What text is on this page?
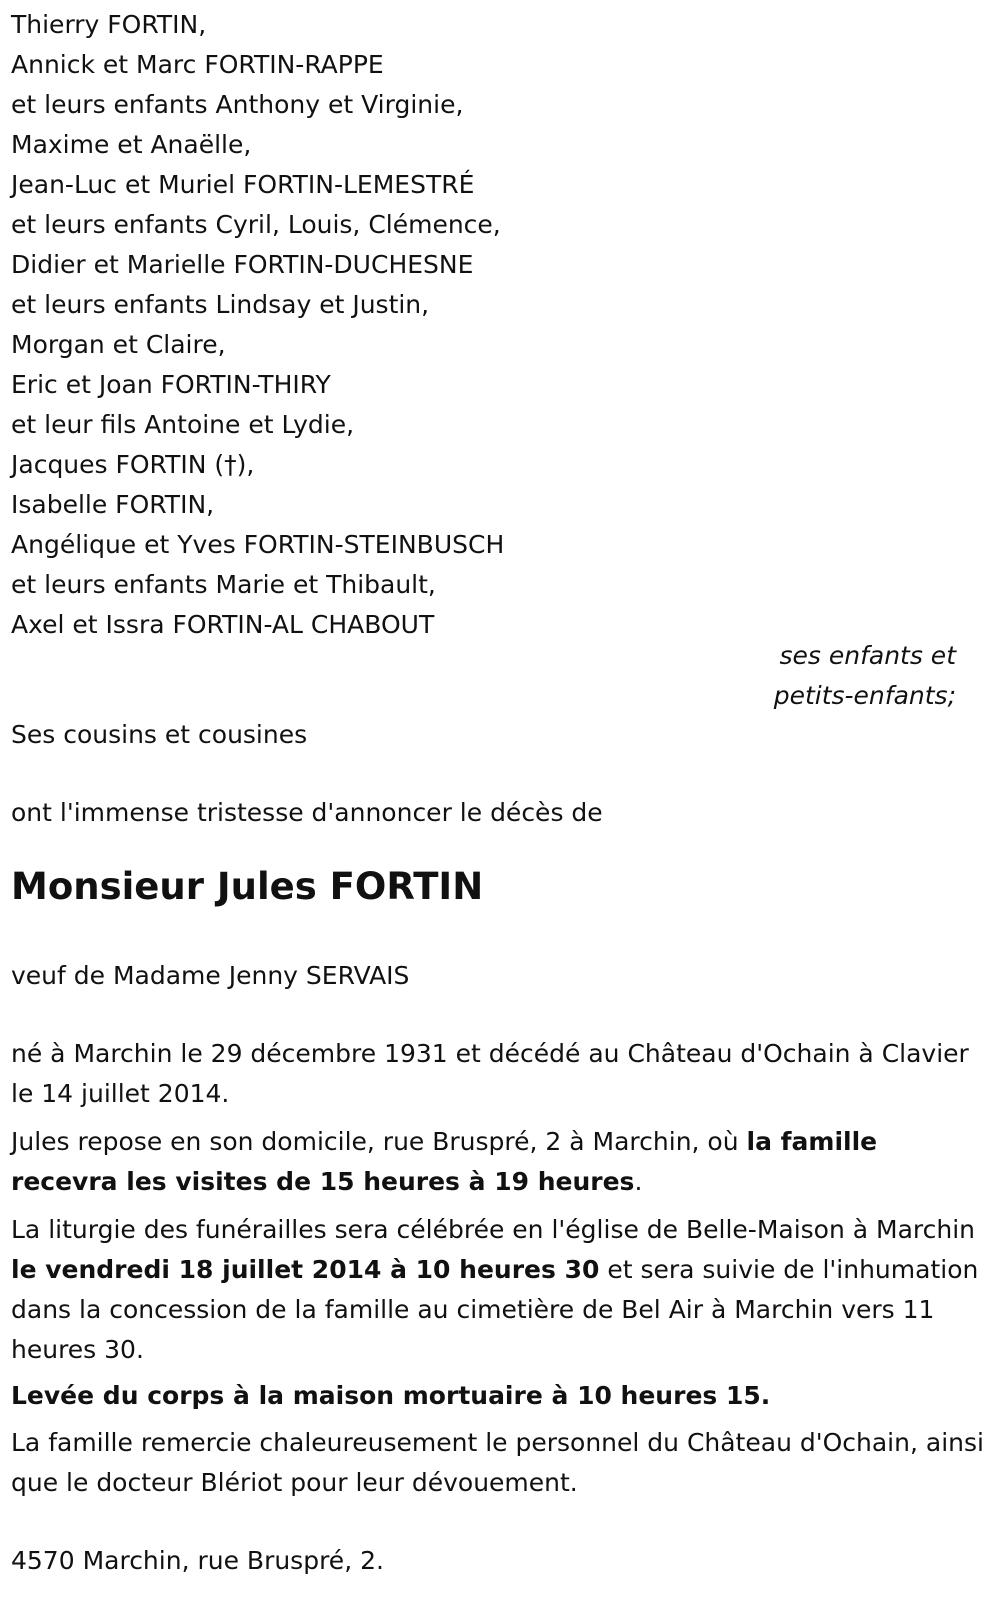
Thierry FORTIN,
Annick et Marc FORTIN-RAPPE
et leurs enfants Anthony et Virginie,
Maxime et Anaëlle,
Jean-Luc et Muriel FORTIN-LEMESTRÉ
et leurs enfants Cyril, Louis, Clémence,
Didier et Marielle FORTIN-DUCHESNE
et leurs enfants Lindsay et Justin,
Morgan et Claire,
Eric et Joan FORTIN-THIRY
et leur fils Antoine et Lydie,
Jacques FORTIN (†),
Isabelle FORTIN,
Angélique et Yves FORTIN-STEINBUSCH
et leurs enfants Marie et Thibault,
Axel et Issra FORTIN-AL CHABOUT
ses enfants et
petits-enfants;

Ses cousins et cousines

ont l'immense tristesse d'annoncer le décès de

Monsieur Jules FORTIN

veuf de Madame Jenny SERVAIS

né à Marchin le 29 décembre 1931 et décédé au Château d'Ochain à Clavier le 14 juillet 2014.

Jules repose en son domicile, rue Bruspré, 2 à Marchin, où la famille recevra les visites de 15 heures à 19 heures.

La liturgie des funérailles sera célébrée en l'église de Belle-Maison à Marchin le vendredi 18 juillet 2014 à 10 heures 30 et sera suivie de l'inhumation dans la concession de la famille au cimetière de Bel Air à Marchin vers 11 heures 30.

Levée du corps à la maison mortuaire à 10 heures 15.

La famille remercie chaleureusement le personnel du Château d'Ochain, ainsi que le docteur Blériot pour leur dévouement.

4570 Marchin, rue Bruspré, 2.
